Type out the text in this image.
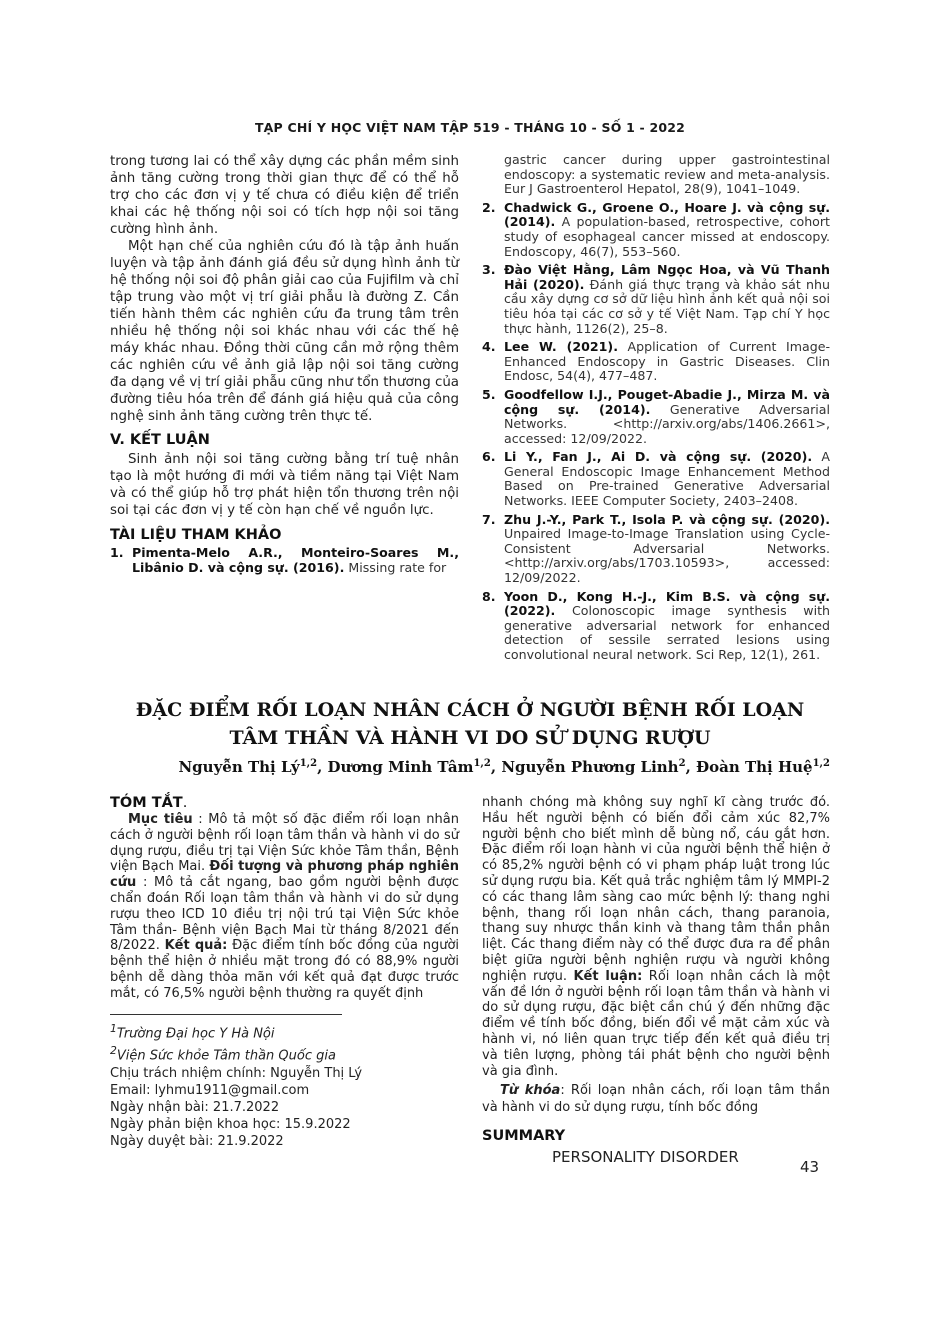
TẠP CHÍ Y HỌC VIỆT NAM TẬP 519 - THÁNG 10 - SỐ 1 - 2022

trong tương lai có thể xây dựng các phần mềm sinh ảnh tăng cường trong thời gian thực để có thể hỗ trợ cho các đơn vị y tế chưa có điều kiện để triển khai các hệ thống nội soi có tích hợp nội soi tăng cường hình ảnh.

Một hạn chế của nghiên cứu đó là tập ảnh huấn luyện và tập ảnh đánh giá đều sử dụng hình ảnh từ hệ thống nội soi độ phân giải cao của Fujifilm và chỉ tập trung vào một vị trí giải phẫu là đường Z. Cần tiến hành thêm các nghiên cứu đa trung tâm trên nhiều hệ thống nội soi khác nhau với các thế hệ máy khác nhau. Đồng thời cũng cần mở rộng thêm các nghiên cứu về ảnh giả lập nội soi tăng cường đa dạng về vị trí giải phẫu cũng như tổn thương của đường tiêu hóa trên để đánh giá hiệu quả của công nghệ sinh ảnh tăng cường trên thực tế.

V. KẾT LUẬN

Sinh ảnh nội soi tăng cường bằng trí tuệ nhân tạo là một hướng đi mới và tiềm năng tại Việt Nam và có thể giúp hỗ trợ phát hiện tổn thương trên nội soi tại các đơn vị y tế còn hạn chế về nguồn lực.

TÀI LIỆU THAM KHẢO

1. Pimenta-Melo A.R., Monteiro-Soares M., Libânio D. và cộng sự. (2016). Missing rate for
gastric cancer during upper gastrointestinal endoscopy: a systematic review and meta-analysis. Eur J Gastroenterol Hepatol, 28(9), 1041–1049.
2. Chadwick G., Groene O., Hoare J. và cộng sự. (2014). A population-based, retrospective, cohort study of esophageal cancer missed at endoscopy. Endoscopy, 46(7), 553–560.
3. Đào Việt Hằng, Lâm Ngọc Hoa, và Vũ Thanh Hải (2020). Đánh giá thực trạng và khảo sát nhu cầu xây dựng cơ sở dữ liệu hình ảnh kết quả nội soi tiêu hóa tại các cơ sở y tế Việt Nam. Tạp chí Y học thực hành, 1126(2), 25–8.
4. Lee W. (2021). Application of Current Image-Enhanced Endoscopy in Gastric Diseases. Clin Endosc, 54(4), 477–487.
5. Goodfellow I.J., Pouget-Abadie J., Mirza M. và cộng sự. (2014). Generative Adversarial Networks. <http://arxiv.org/abs/1406.2661>, accessed: 12/09/2022.
6. Li Y., Fan J., Ai D. và cộng sự. (2020). A General Endoscopic Image Enhancement Method Based on Pre-trained Generative Adversarial Networks. IEEE Computer Society, 2403–2408.
7. Zhu J.-Y., Park T., Isola P. và cộng sự. (2020). Unpaired Image-to-Image Translation using Cycle-Consistent Adversarial Networks. <http://arxiv.org/abs/1703.10593>, accessed: 12/09/2022.
8. Yoon D., Kong H.-J., Kim B.S. và cộng sự. (2022). Colonoscopic image synthesis with generative adversarial network for enhanced detection of sessile serrated lesions using convolutional neural network. Sci Rep, 12(1), 261.
ĐẶC ĐIỂM RỐI LOẠN NHÂN CÁCH Ở NGƯỜI BỆNH RỐI LOẠN
TÂM THẦN VÀ HÀNH VI DO SỬ DỤNG RƯỢU
Nguyễn Thị Lý$^{1,2}$, Dương Minh Tâm$^{1,2}$, Nguyễn Phương Linh$^2$, Đoàn Thị Huệ$^{1,2}$

TÓM TẮT.

Mục tiêu : Mô tả một số đặc điểm rối loạn nhân cách ở người bệnh rối loạn tâm thần và hành vi do sử dụng rượu, điều trị tại Viện Sức khỏe Tâm thần, Bệnh viện Bạch Mai. Đối tượng và phương pháp nghiên cứu : Mô tả cắt ngang, bao gồm người bệnh được chẩn đoán Rối loạn tâm thần và hành vi do sử dụng rượu theo ICD 10 điều trị nội trú tại Viện Sức khỏe Tâm thần- Bệnh viện Bạch Mai từ tháng 8/2021 đến 8/2022. Kết quả: Đặc điểm tính bốc đồng của người bệnh thể hiện ở nhiều mặt trong đó có 88,9% người bệnh dễ dàng thỏa mãn với kết quả đạt được trước mắt, có 76,5% người bệnh thường ra quyết định

nhanh chóng mà không suy nghĩ kĩ càng trước đó. Hầu hết người bệnh có biến đổi cảm xúc 82,7% người bệnh cho biết mình dễ bùng nổ, cáu gắt hơn. Đặc điểm rối loạn hành vi của người bệnh thể hiện ở có 85,2% người bệnh có vi phạm pháp luật trong lúc sử dụng rượu bia. Kết quả trắc nghiệm tâm lý MMPI-2 có các thang lâm sàng cao mức bệnh lý: thang nghi bệnh, thang rối loạn nhân cách, thang paranoia, thang suy nhược thần kinh và thang tâm thần phân liệt. Các thang điểm này có thể được đưa ra để phân biệt giữa người bệnh nghiện rượu và người không nghiện rượu. Kết luận: Rối loạn nhân cách là một vấn đề lớn ở người bệnh rối loạn tâm thần và hành vi do sử dụng rượu, đặc biệt cần chú ý đến những đặc điểm về tính bốc đồng, biến đổi về mặt cảm xúc và hành vi, nó liên quan trực tiếp đến kết quả điều trị và tiên lượng, phòng tái phát bệnh cho người bệnh và gia đình.

Từ khóa: Rối loạn nhân cách, rối loạn tâm thần và hành vi do sử dụng rượu, tính bốc đồng

SUMMARY

PERSONALITY DISORDER

$^1$Trường Đại học Y Hà Nội

$^2$Viện Sức khỏe Tâm thần Quốc gia

Chịu trách nhiệm chính: Nguyễn Thị Lý

Email: lyhmu1911@gmail.com

Ngày nhận bài: 21.7.2022

Ngày phản biện khoa học: 15.9.2022

Ngày duyệt bài: 21.9.2022

43
